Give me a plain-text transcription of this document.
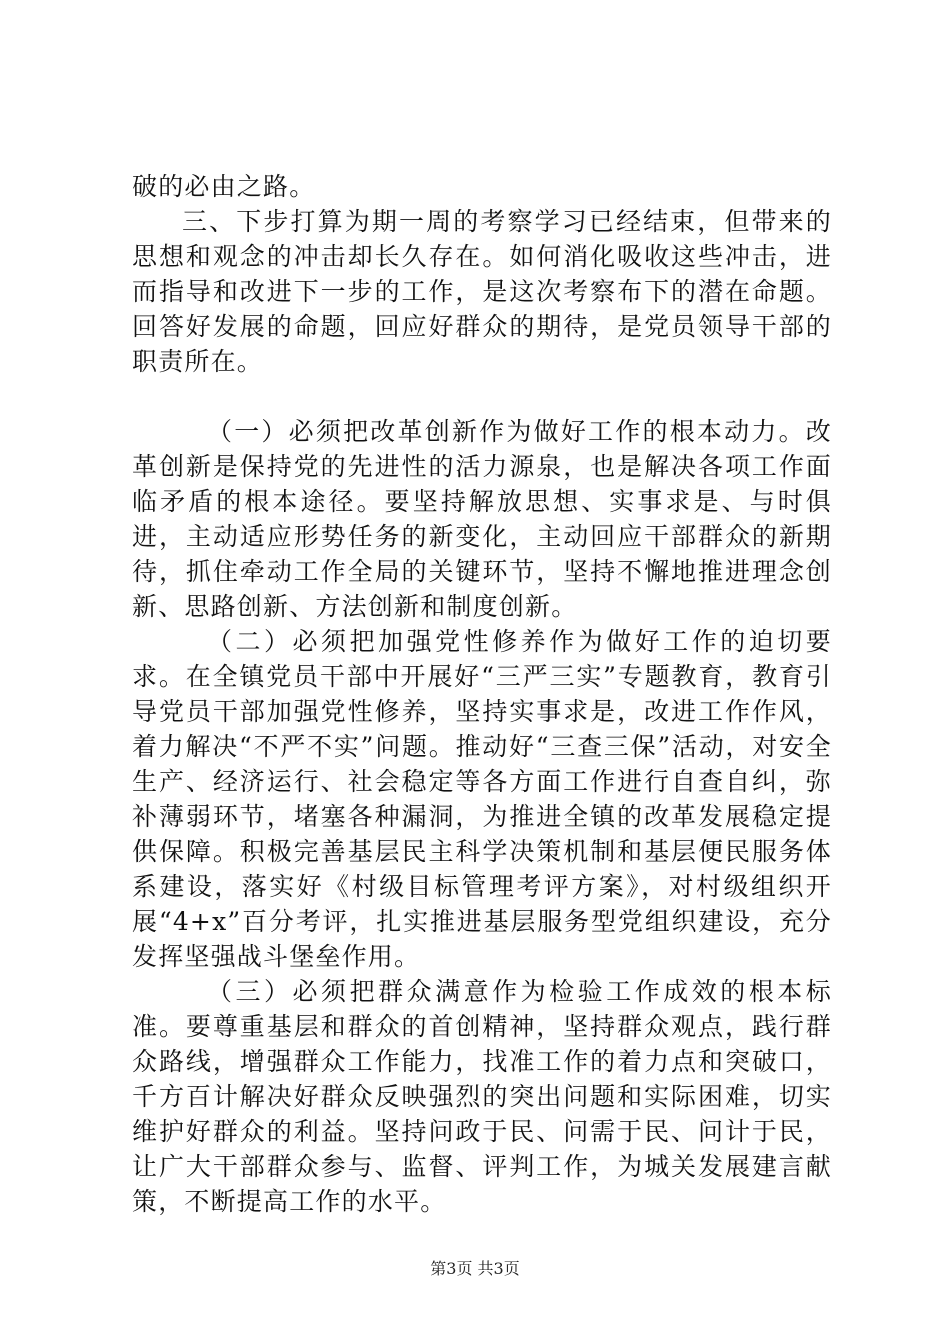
破的必由之路。

三、下步打算为期一周的考察学习已经结束，但带来的思想和观念的冲击却长久存在。如何消化吸收这些冲击，进而指导和改进下一步的工作，是这次考察布下的潜在命题。回答好发展的命题，回应好群众的期待，是党员领导干部的职责所在。

（一）必须把改革创新作为做好工作的根本动力。改革创新是保持党的先进性的活力源泉，也是解决各项工作面临矛盾的根本途径。要坚持解放思想、实事求是、与时俱进，主动适应形势任务的新变化，主动回应干部群众的新期待，抓住牵动工作全局的关键环节，坚持不懈地推进理念创新、思路创新、方法创新和制度创新。

（二）必须把加强党性修养作为做好工作的迫切要求。在全镇党员干部中开展好“三严三实”专题教育，教育引导党员干部加强党性修养，坚持实事求是，改进工作作风，着力解决“不严不实”问题。推动好“三查三保”活动，对安全生产、经济运行、社会稳定等各方面工作进行自查自纠，弥补薄弱环节，堵塞各种漏洞，为推进全镇的改革发展稳定提供保障。积极完善基层民主科学决策机制和基层便民服务体系建设，落实好《村级目标管理考评方案》，对村级组织开展“4+x”百分考评，扎实推进基层服务型党组织建设，充分发挥坚强战斗堡垒作用。

（三）必须把群众满意作为检验工作成效的根本标准。要尊重基层和群众的首创精神，坚持群众观点，践行群众路线，增强群众工作能力，找准工作的着力点和突破口，千方百计解决好群众反映强烈的突出问题和实际困难，切实维护好群众的利益。坚持问政于民、问需于民、问计于民，让广大干部群众参与、监督、评判工作，为城关发展建言献策，不断提高工作的水平。

第3页 共3页
